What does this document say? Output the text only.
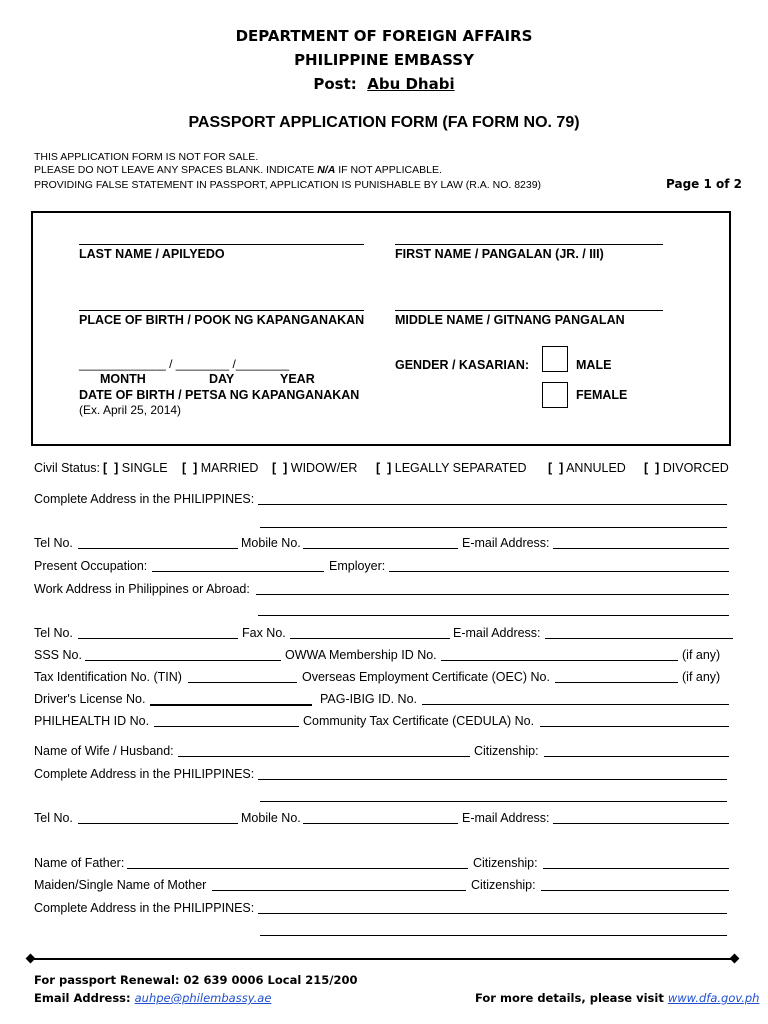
DEPARTMENT OF FOREIGN AFFAIRS
PHILIPPINE EMBASSY
Post: Abu Dhabi
PASSPORT APPLICATION FORM (FA FORM NO. 79)
THIS APPLICATION FORM IS NOT FOR SALE.
PLEASE DO NOT LEAVE ANY SPACES BLANK. INDICATE N/A IF NOT APPLICABLE.
PROVIDING FALSE STATEMENT IN PASSPORT, APPLICATION IS PUNISHABLE BY LAW (R.A. NO. 8239)	Page 1 of 2
LAST NAME / APILYEDO	FIRST NAME / PANGALAN (JR. / III)
PLACE OF BIRTH / POOK NG KAPANGANAKAN MIDDLE NAME / GITNANG PANGALAN
_____________ / ________ /________
MONTH	DAY	YEAR
DATE OF BIRTH / PETSA NG KAPANGANAKAN
(Ex. April 25, 2014)
GENDER / KASARIAN:	MALE
FEMALE
Civil Status: [  ] SINGLE [  ] MARRIED [  ] WIDOW/ER [  ] LEGALLY SEPARATED [  ] ANNULED [  ] DIVORCED
Complete Address in the PHILIPPINES:
Tel No.	Mobile No.	E-mail Address:
Present Occupation:	Employer:
Work Address in Philippines or Abroad:
Tel No.	Fax No.	E-mail Address:
SSS No.	OWWA Membership ID No.	(if any)
Tax Identification No. (TIN)	Overseas Employment Certificate (OEC) No.	(if any)
Driver's License No.	PAG-IBIG ID. No.
PHILHEALTH ID No.	Community Tax Certificate (CEDULA) No.
Name of Wife / Husband:	Citizenship:
Complete Address in the PHILIPPINES:
Tel No.	Mobile No.	E-mail Address:
Name of Father:	Citizenship:
Maiden/Single Name of Mother	Citizenship:
Complete Address in the PHILIPPINES:
For passport Renewal: 02 639 0006 Local 215/200
Email Address: auhpe@philembassy.ae	For more details, please visit www.dfa.gov.ph
